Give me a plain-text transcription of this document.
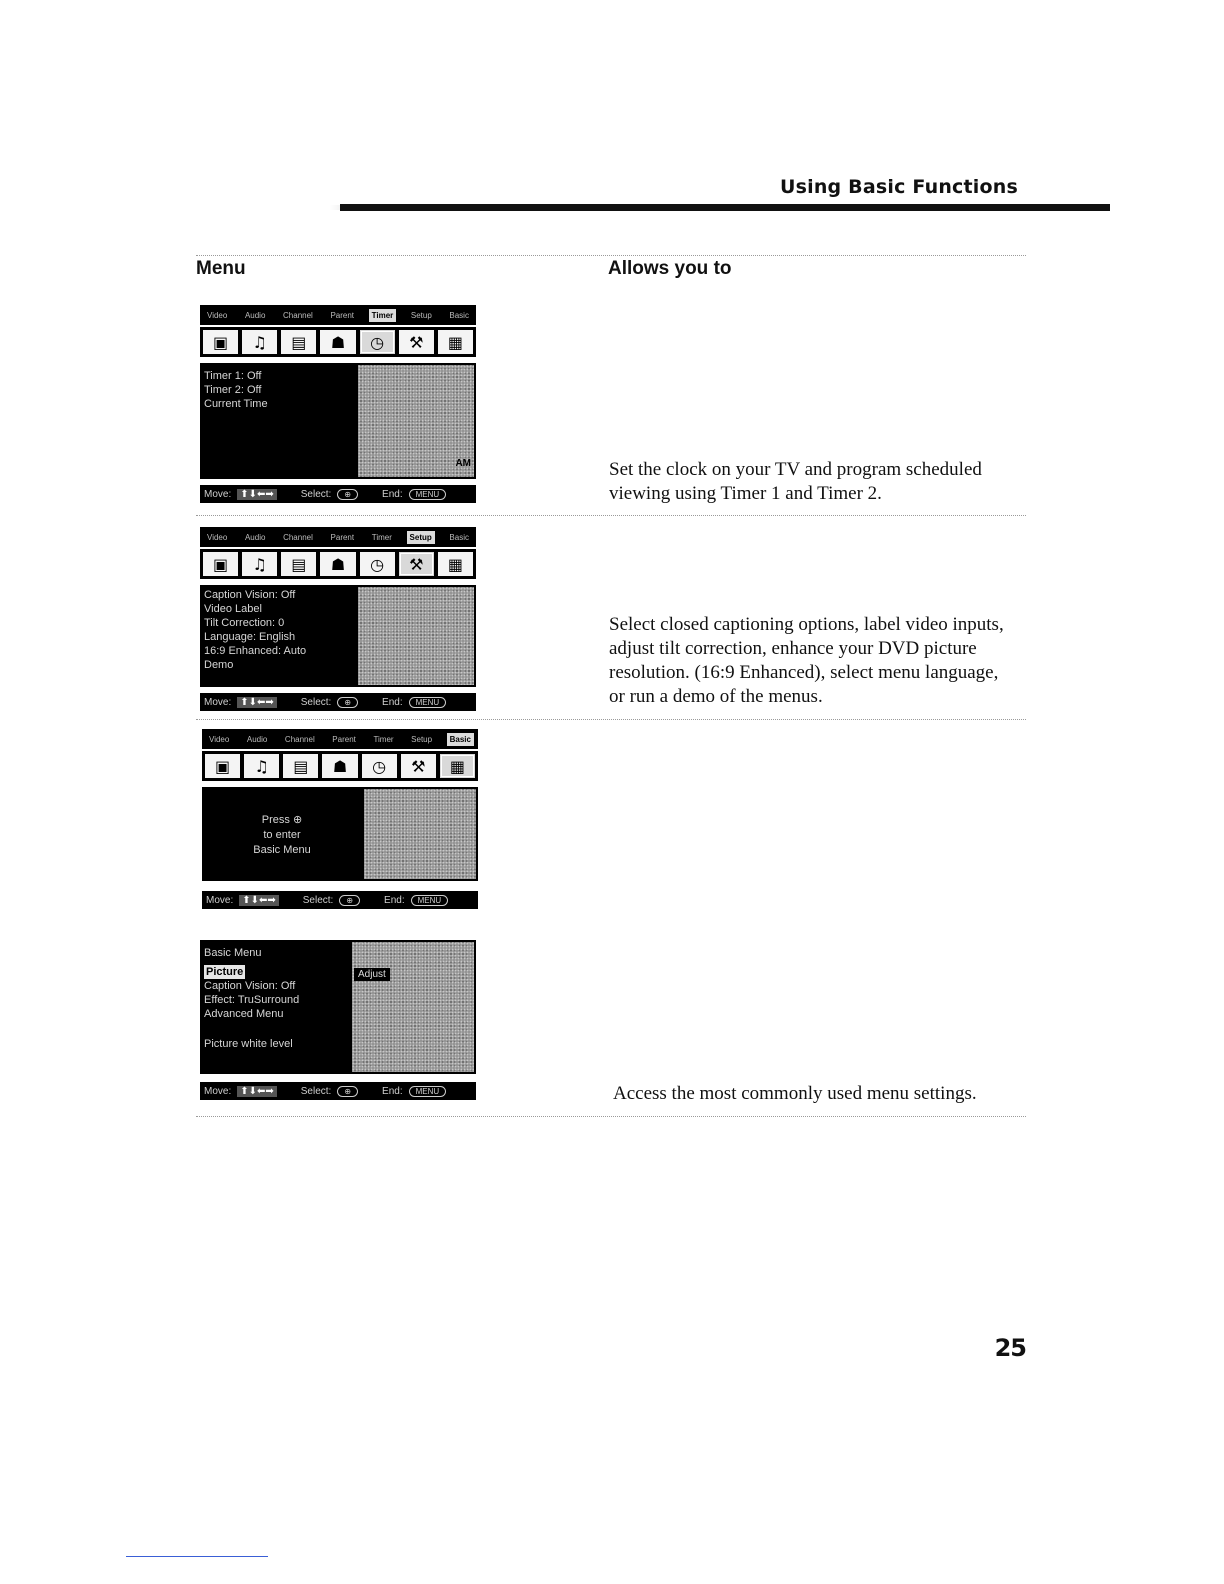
Using Basic Functions
Menu	Allows you to
Video	Audio	Channel	Parent	Timer	Setup	Basic
▣	♫	▤	☗	◷	⚒	▦
Timer 1: Off
Timer 2: Off
Current Time
AM
Move: ⬆⬇⬅➡	Select:	⊕	End:	MENU
Set the clock on your TV and program scheduled viewing using Timer 1 and Timer 2.
Video	Audio	Channel	Parent	Timer	Setup	Basic
▣	♫	▤	☗	◷	⚒	▦
Caption Vision: Off
Video Label
Tilt Correction: 0
Language: English
16:9 Enhanced: Auto
Demo
Move: ⬆⬇⬅➡	Select:	⊕	End:	MENU
Select closed captioning options, label video inputs, adjust tilt correction, enhance your DVD picture resolution. (16:9 Enhanced), select menu language, or run a demo of the menus.
Video	Audio	Channel	Parent	Timer	Setup	Basic
▣	♫	▤	☗	◷	⚒	▦
Press ⊕
to enter
Basic Menu
Move: ⬆⬇⬅➡	Select:	⊕	End:	MENU
Basic Menu
Picture
Caption Vision: Off
Effect: TruSurround
Advanced Menu
Picture white level
Adjust
Move: ⬆⬇⬅➡	Select:	⊕	End:	MENU	Access the most commonly used menu settings.
25
